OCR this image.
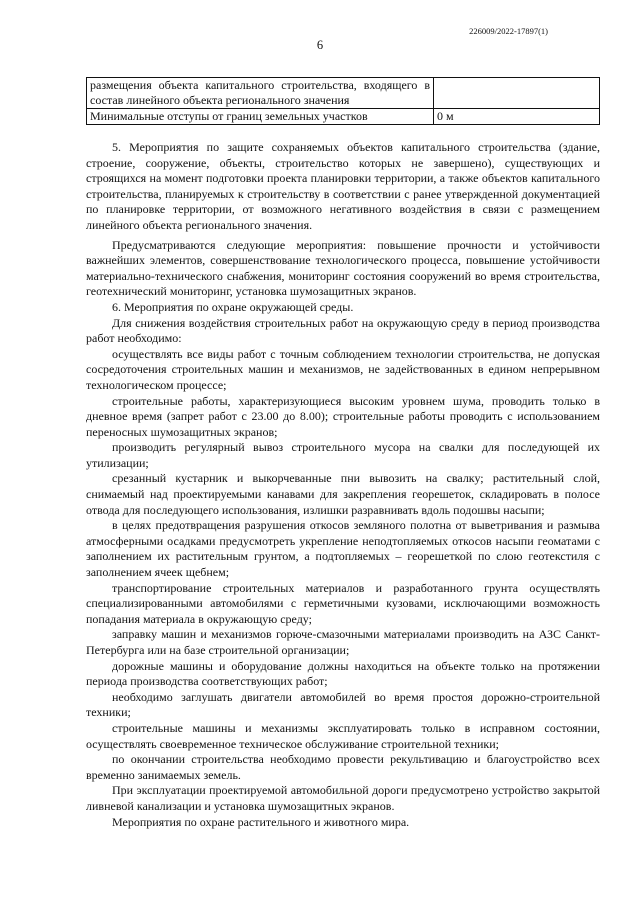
226009/2022-17897(1)
6
размещения объекта капитального строительства, входящего в состав линейного объекта регионального значения	
Минимальные отступы от границ земельных участков	0 м

5. Мероприятия по защите сохраняемых объектов капитального строительства (здание, строение, сооружение, объекты, строительство которых не завершено), существующих и строящихся на момент подготовки проекта планировки территории, а также объектов капитального строительства, планируемых к строительству в соответствии с ранее утвержденной документацией по планировке территории, от возможного негативного воздействия в связи с размещением линейного объекта регионального значения.

Предусматриваются следующие мероприятия: повышение прочности и устойчивости важнейших элементов, совершенствование технологического процесса, повышение устойчивости материально-технического снабжения, мониторинг состояния сооружений во время строительства, геотехнический мониторинг, установка шумозащитных экранов.

6. Мероприятия по охране окружающей среды.

Для снижения воздействия строительных работ на окружающую среду в период производства работ необходимо:

осуществлять все виды работ с точным соблюдением технологии строительства, не допуская сосредоточения строительных машин и механизмов, не задействованных в едином непрерывном технологическом процессе;

строительные работы, характеризующиеся высоким уровнем шума, проводить только в дневное время (запрет работ с 23.00 до 8.00); строительные работы проводить с использованием переносных шумозащитных экранов;

производить регулярный вывоз строительного мусора на свалки для последующей их утилизации;

срезанный кустарник и выкорчеванные пни вывозить на свалку; растительный слой, снимаемый над проектируемыми канавами для закрепления георешеток, складировать в полосе отвода для последующего использования, излишки разравнивать вдоль подошвы насыпи;

в целях предотвращения разрушения откосов земляного полотна от выветривания и размыва атмосферными осадками предусмотреть укрепление неподтопляемых откосов насыпи геоматами с заполнением их растительным грунтом, а подтопляемых – георешеткой по слою геотекстиля с заполнением ячеек щебнем;

транспортирование строительных материалов и разработанного грунта осуществлять специализированными автомобилями с герметичными кузовами, исключающими возможность попадания материала в окружающую среду;

заправку машин и механизмов горюче-смазочными материалами производить на АЗС Санкт-Петербурга или на базе строительной организации;

дорожные машины и оборудование должны находиться на объекте только на протяжении периода производства соответствующих работ;

необходимо заглушать двигатели автомобилей во время простоя дорожно-строительной техники;

строительные машины и механизмы эксплуатировать только в исправном состоянии, осуществлять своевременное техническое обслуживание строительной техники;

по окончании строительства необходимо провести рекультивацию и благоустройство всех временно занимаемых земель.

При эксплуатации проектируемой автомобильной дороги предусмотрено устройство закрытой ливневой канализации и установка шумозащитных экранов.

Мероприятия по охране растительного и животного мира.
